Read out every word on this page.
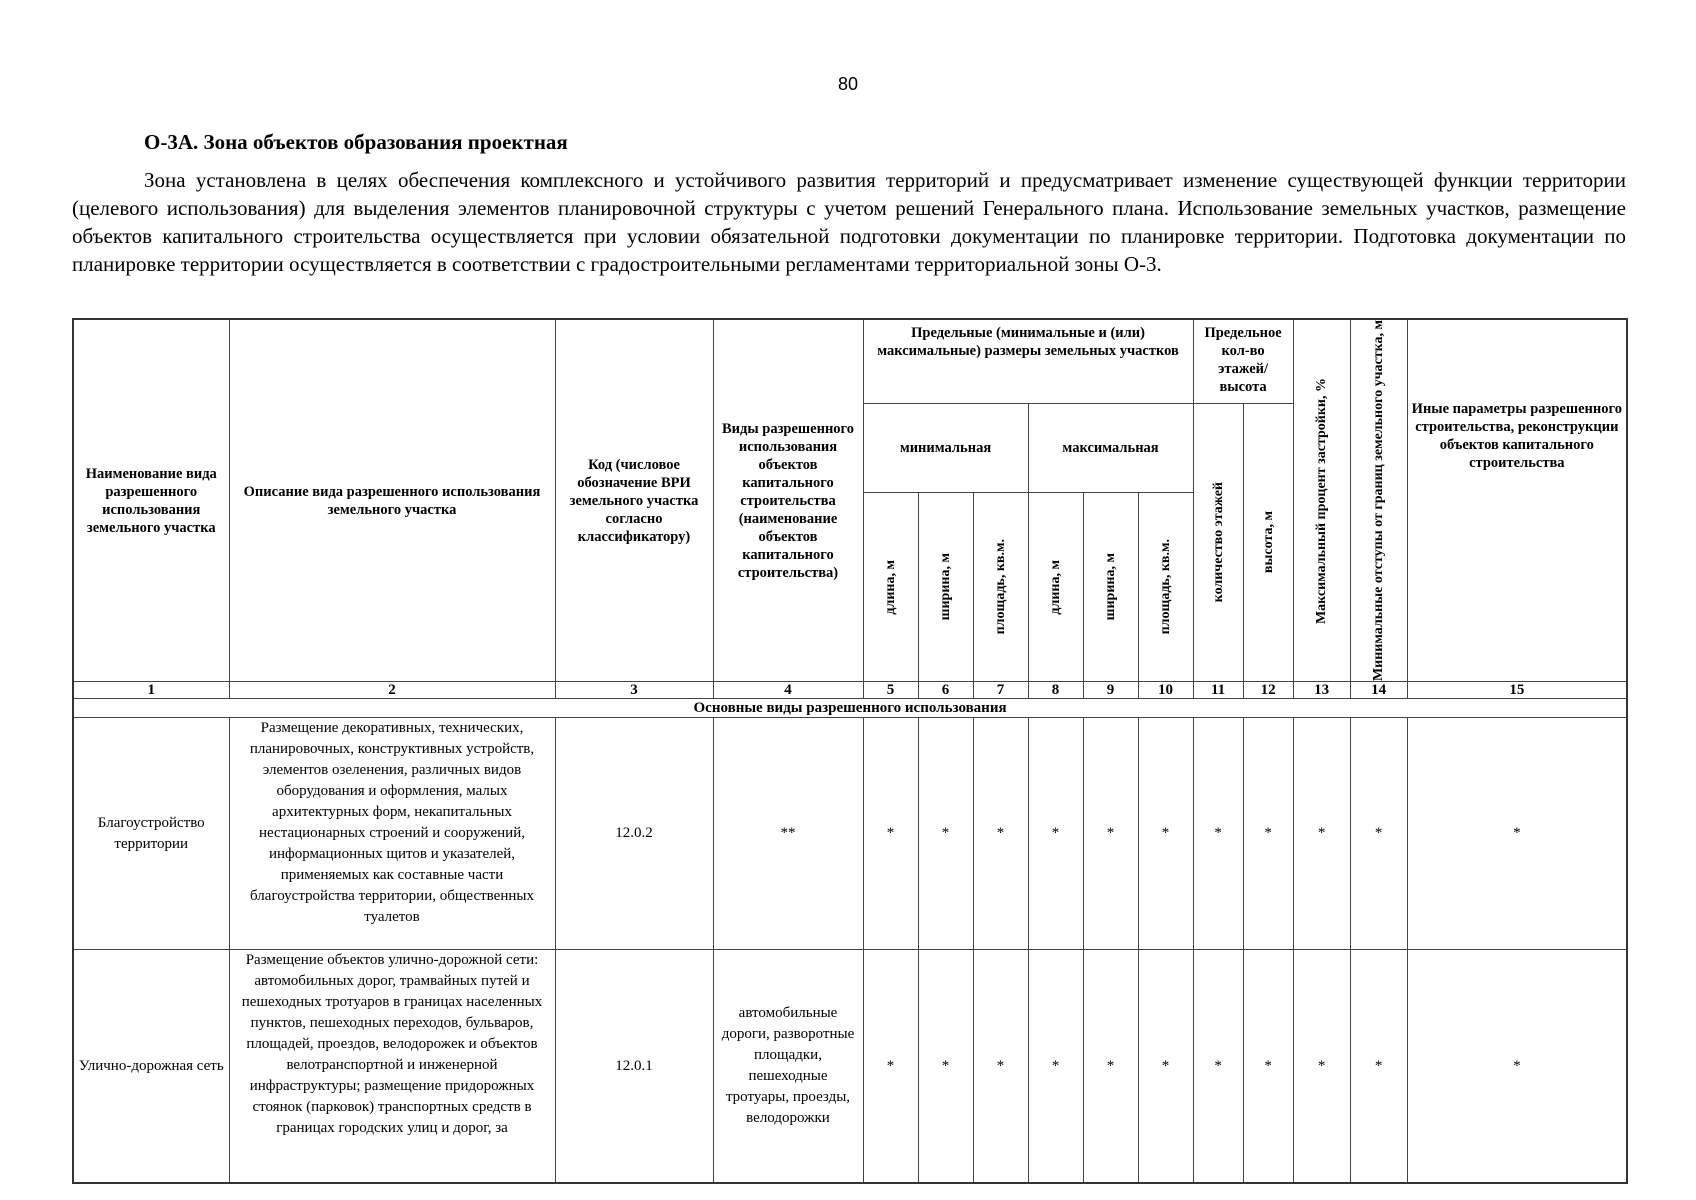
80
О-3А. Зона объектов образования проектная

Зона установлена в целях обеспечения комплексного и устойчивого развития территорий и предусматривает изменение существующей функции территории (целевого использования) для выделения элементов планировочной структуры с учетом решений Генерального плана. Использование земельных участков, размещение объектов капитального строительства осуществляется при условии обязательной подготовки документации по планировке территории. Подготовка документации по планировке территории осуществляется в соответствии с градостроительными регламентами территориальной зоны О-3.

Наименование вида разрешенного использования земельного участка	Описание вида разрешенного использования земельного участка	Код (числовое обозначение ВРИ земельного участка согласно классификатору)	Виды разрешенного использования объектов капитального строительства (наименование объектов капитального строительства)	Предельные (минимальные и (или) максимальные) размеры земельных участков						Предельное кол-во этажей/ высота		Максимальный процент застройки, %	Минимальные отступы от границ земельного участка, м	Иные параметры разрешенного строительства, реконструкции объектов капитального строительства
				минимальная			максимальная			количество этажей	высота, м			

				длина, м	ширина, м	площадь, кв.м.	длина, м	ширина, м	площадь, кв.м.					

1	2	3	4	5	6	7	8	9	10	11	12	13	14	15
Основные виды разрешенного использования														
Благоустройство территории	Размещение декоративных, технических, планировочных, конструктивных устройств, элементов озеленения, различных видов оборудования и оформления, малых архитектурных форм, некапитальных нестационарных строений и сооружений, информационных щитов и указателей, применяемых как составные части благоустройства территории, общественных туалетов	12.0.2	**	*	*	*	*	*	*	*	*	*	*	*
Улично-дорожная сеть	Размещение объектов улично-дорожной сети: автомобильных дорог, трамвайных путей и пешеходных тротуаров в границах населенных пунктов, пешеходных переходов, бульваров, площадей, проездов, велодорожек и объектов велотранспортной и инженерной инфраструктуры; размещение придорожных стоянок (парковок) транспортных средств в границах городских улиц и дорог, за	12.0.1	автомобильные дороги, разворотные площадки, пешеходные тротуары, проезды, велодорожки	*	*	*	*	*	*	*	*	*	*	*
